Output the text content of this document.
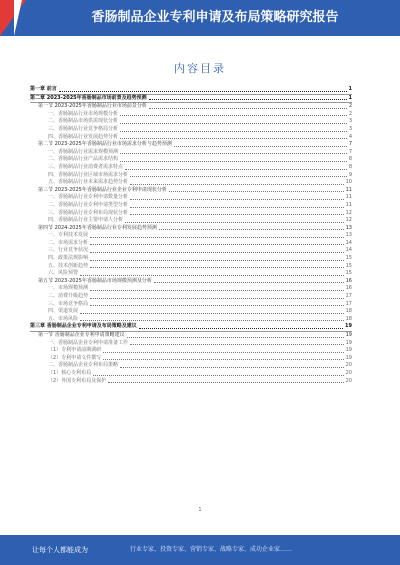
香肠制品企业专利申请及布局策略研究报告
内容目录
第一章 前言	1
第二章 2023-2025年香肠制品市场前景及趋势预测	1
第一节 2023-2025年香肠制品行业市场前景分析	2
一、香肠制品行业市场规模分析	2
二、香肠制品市场供需现状分析	3
三、香肠制品行业竞争格局分析	3
四、香肠制品行业发展趋势分析	4
第二节 2023-2025年香肠制品行业市场需求分析与趋势预测	7
一、香肠制品行业需求规模预测	7
二、香肠制品行业产品需求结构	8
三、香肠制品行业消费者需求特点	8
四、香肠制品行业区域市场需求分析	9
五、香肠制品行业未来需求趋势分析	10
第三节 2023-2025年香肠制品行业企业专利申请现状分析	11
一、香肠制品行业专利申请数量分析	11
二、香肠制品行业专利申请类型分析	11
三、香肠制品行业专利布局现状分析	12
四、香肠制品行业主要申请人分析	12
第四节 2024-2025年香肠制品行业专利发展趋势预测	13
一、专利技术发展	13
二、市场需求分析	14
三、行业竞争状况	14
四、政策法规影响	15
五、技术创新趋势	15
六、风险预警	15
第五节 2023-2025年香肠制品市场规模预测及分析	16
一、市场规模预测	16
二、消费升级趋势	17
三、市场竞争格局	17
四、渠道发展	18
五、市场风险	18
第三章 香肠制品企业专利申请及布局策略及建议	19
第一节 香肠制品企业专利申请策略建议	19
一、香肠制品企业专利申请准备工作	19
（1）专利申请前期调研	19
（2）专利申请文件撰写	19
二、香肠制品企业专利布局策略	20
（1）核心专利布局	20
（2）外围专利布局及保护	20
1
让每个人都能成为	行业专家、投资专家、营销专家、战略专家、成功企业家……
